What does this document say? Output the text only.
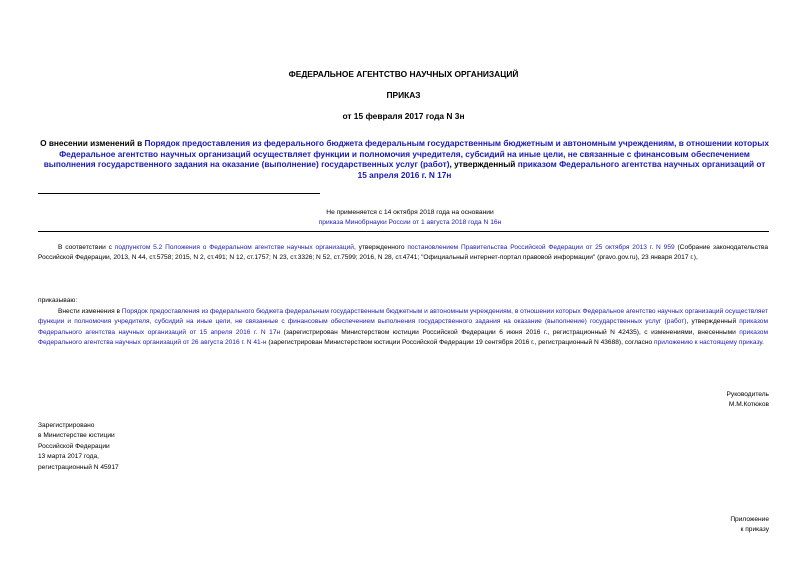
ФЕДЕРАЛЬНОЕ АГЕНТСТВО НАУЧНЫХ ОРГАНИЗАЦИЙ
ПРИКАЗ
от 15 февраля 2017 года N 3н
О внесении изменений в Порядок предоставления из федерального бюджета федеральным государственным бюджетным и автономным учреждениям, в отношении которых Федеральное агентство научных организаций осуществляет функции и полномочия учредителя, субсидий на иные цели, не связанные с финансовым обеспечением выполнения государственного задания на оказание (выполнение) государственных услуг (работ), утвержденный приказом Федерального агентства научных организаций от 15 апреля 2016 г. N 17н
Не применяется с 14 октября 2018 года на основании
приказа Минобрнауки России от 1 августа 2018 года N 16н
В соответствии с подпунктом 5.2 Положения о Федеральном агентстве научных организаций, утвержденного постановлением Правительства Российской Федерации от 25 октября 2013 г. N 959 (Собрание законодательства Российской Федерации, 2013, N 44, ст.5758; 2015, N 2, ст.491; N 12, ст.1757; N 23, ст.3326; N 52, ст.7599; 2016, N 28, ст.4741; "Официальный интернет-портал правовой информации" (pravo.gov.ru), 23 января 2017 г.),
приказываю:
Внести изменения в Порядок предоставления из федерального бюджета федеральным государственным бюджетным и автономным учреждениям, в отношении которых Федеральное агентство научных организаций осуществляет функции и полномочия учредителя, субсидий на иные цели, не связанные с финансовым обеспечением выполнения государственного задания на оказание (выполнение) государственных услуг (работ), утвержденный приказом Федерального агентства научных организаций от 15 апреля 2016 г. N 17н (зарегистрирован Министерством юстиции Российской Федерации 6 июня 2016 г., регистрационный N 42435), с изменениями, внесенными приказом Федерального агентства научных организаций от 26 августа 2016 г. N 41-н (зарегистрирован Министерством юстиции Российской Федерации 19 сентября 2016 г., регистрационный N 43688), согласно приложению к настоящему приказу.
Руководитель
М.М.Котюков
Зарегистрировано
в Министерстве юстиции
Российской Федерации
13 марта 2017 года,
регистрационный N 45917
Приложение
к приказу
